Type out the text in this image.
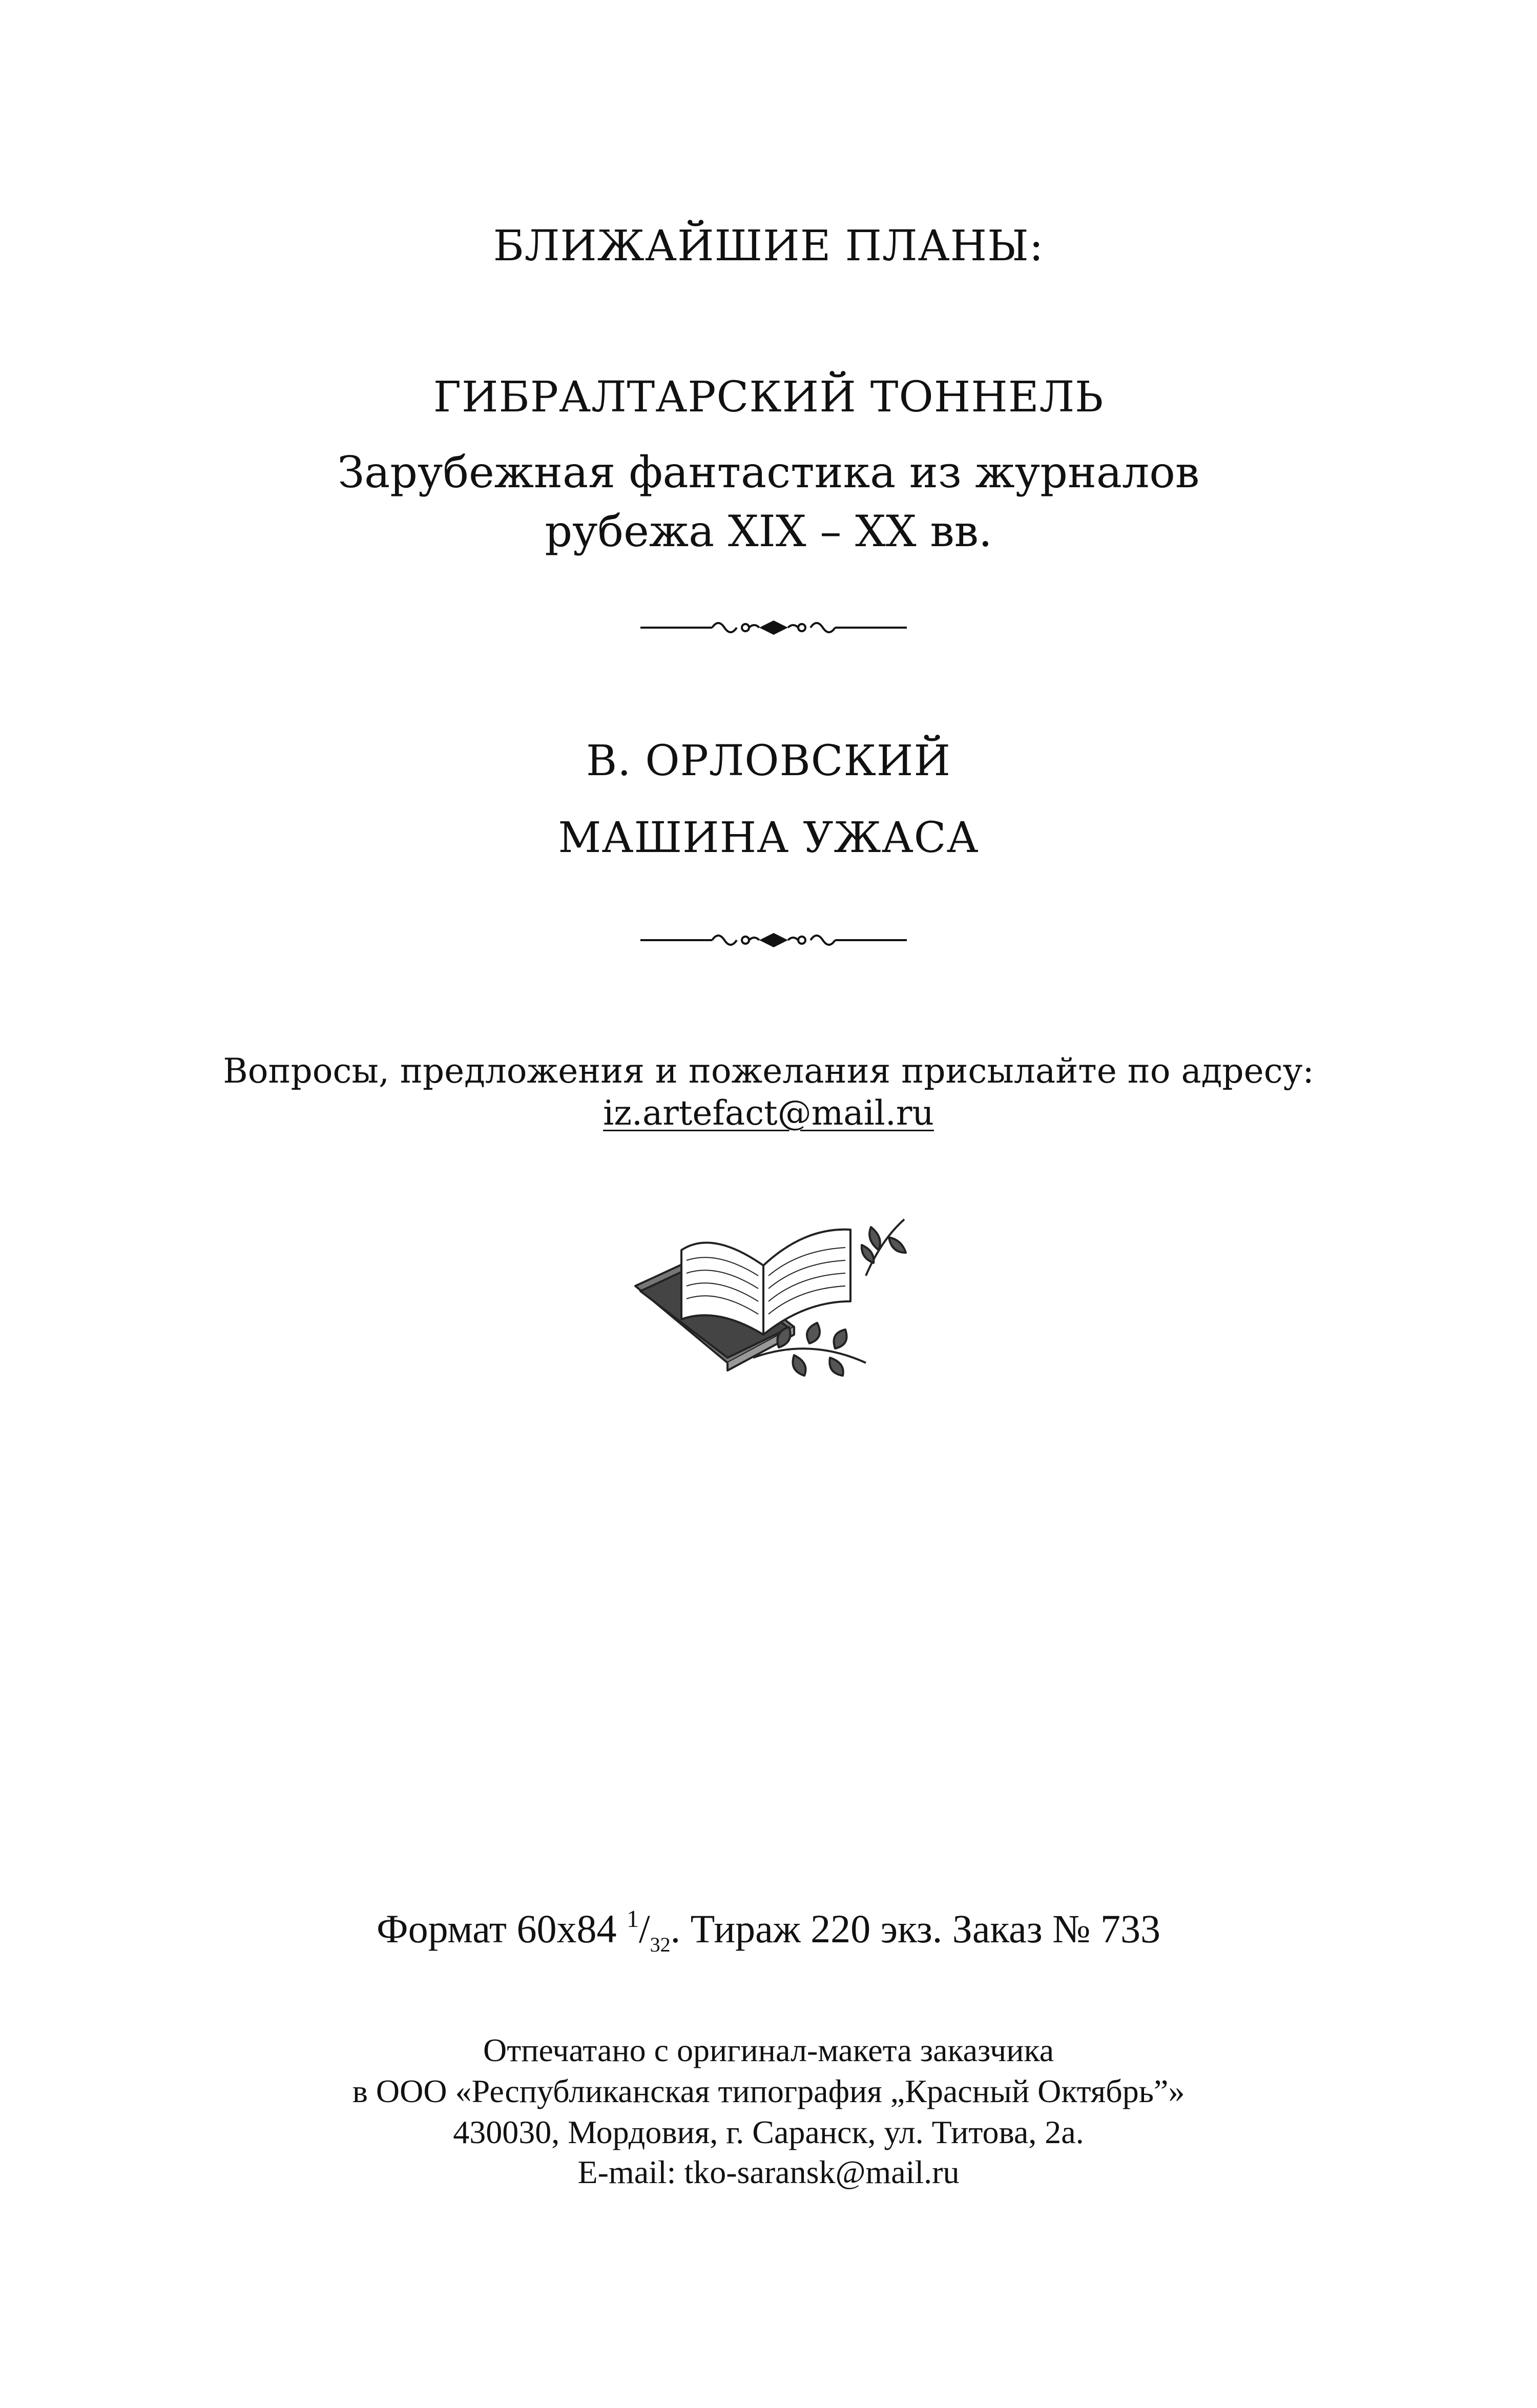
БЛИЖАЙШИЕ ПЛАНЫ:
ГИБРАЛТАРСКИЙ ТОННЕЛЬ
Зарубежная фантастика из журналов
рубежа XIX – XX вв.
В. ОРЛОВСКИЙ
МАШИНА УЖАСА
Вопросы, предложения и пожелания присылайте по адресу:
iz.artefact@mail.ru
Формат 60х84 $^1/_{32}$. Тираж 220 экз. Заказ № 733
Отпечатано с оригинал-макета заказчика
в ООО «Республиканская типография „Красный Октябрь”»
430030, Мордовия, г. Саранск, ул. Титова, 2а.
E-mail: tko-saransk@mail.ru
